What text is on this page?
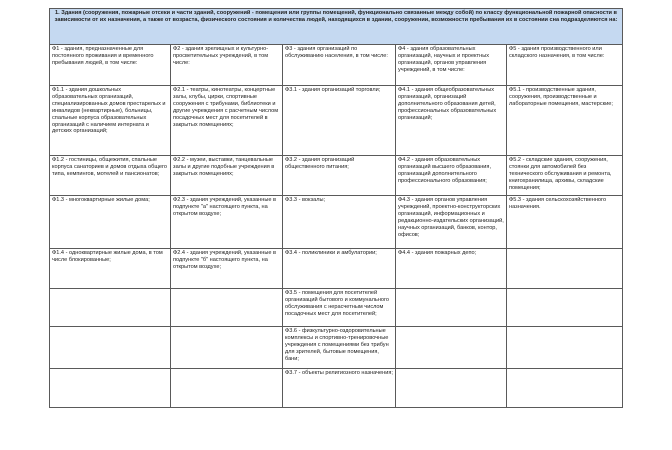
1. Здания (сооружения, пожарные отсеки и части зданий, сооружений - помещения или группы помещений, функционально связанные между собой) по классу функциональной пожарной опасности в зависимости от их назначения, а также от возраста, физического состояния и количества людей, находящихся в здании, сооружении, возможности пребывания их в состоянии сна подразделяются на:				
Ф1 - здания, предназначенные для постоянного проживания и временного пребывания людей, в том числе:	Ф2 - здания зрелищных и культурно-просветительных учреждений, в том числе:	Ф3 - здания организаций по обслуживанию населения, в том числе:	Ф4 - здания образовательных организаций, научных и проектных организаций, органов управления учреждений, в том числе:	Ф5 - здания производственного или складского назначения, в том числе:
Ф1.1 - здания дошкольных образовательных организаций, специализированных домов престарелых и инвалидов (неквартирные), больницы, спальные корпуса образовательных организаций с наличием интерната и детских организаций;	Ф2.1 - театры, кинотеатры, концертные залы, клубы, цирки, спортивные сооружения с трибунами, библиотеки и другие учреждения с расчетным числом посадочных мест для посетителей в закрытых помещениях;	Ф3.1 - здания организаций торговли;	Ф4.1 - здания общеобразовательных организаций, организаций дополнительного образования детей, профессиональных образовательных организаций;	Ф5.1 - производственные здания, сооружения, производственные и лабораторные помещения, мастерские;
Ф1.2 - гостиницы, общежития, спальные корпуса санаториев и домов отдыха общего типа, кемпингов, мотелей и пансионатов;	Ф2.2 - музеи, выставки, танцевальные залы и другие подобные учреждения в закрытых помещениях;	Ф3.2 - здания организаций общественного питания;	Ф4.2 - здания образовательных организаций высшего образования, организаций дополнительного профессионального образования;	Ф5.2 - складские здания, сооружения, стоянки для автомобилей без технического обслуживания и ремонта, книгохранилища, архивы, складские помещения;
Ф1.3 - многоквартирные жилые дома;	Ф2.3 - здания учреждений, указанные в подпункте "а" настоящего пункта, на открытом воздухе;	Ф3.3 - вокзалы;	Ф4.3 - здания органов управления учреждений, проектно-конструкторских организаций, информационных и редакционно-издательских организаций, научных организаций, банков, контор, офисов;	Ф5.3 - здания сельскохозяйственного назначения.
Ф1.4 - одноквартирные жилые дома, в том числе блокированные;	Ф2.4 - здания учреждений, указанные в подпункте "б" настоящего пункта, на открытом воздухе;	Ф3.4 - поликлиники и амбулатории;	Ф4.4 - здания пожарных депо;	
		Ф3.5 - помещения для посетителей организаций бытового и коммунального обслуживания с нерасчетным числом посадочных мест для посетителей;		
		Ф3.6 - физкультурно-оздоровительные комплексы и спортивно-тренировочные учреждения с помещениями без трибун для зрителей, бытовые помещения, бани;		
		Ф3.7 - объекты религиозного назначения;		
